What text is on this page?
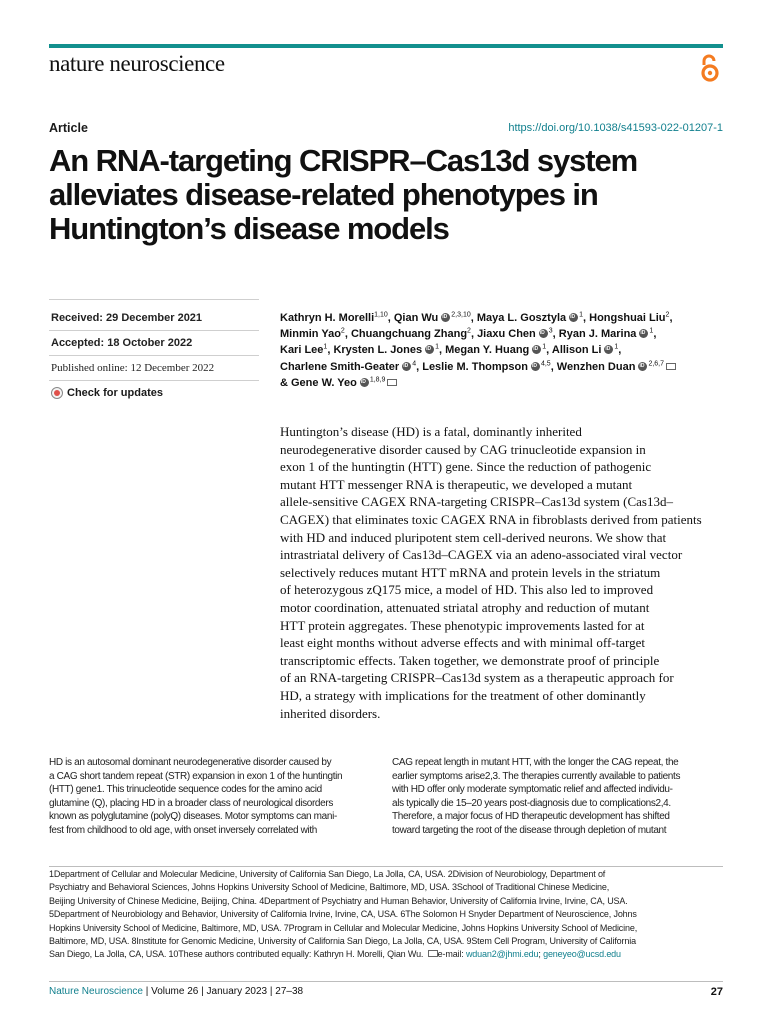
nature neuroscience
Article	https://doi.org/10.1038/s41593-022-01207-1
An RNA-targeting CRISPR–Cas13d system
alleviates disease-related phenotypes in
Huntington’s disease models
Received: 29 December 2021
Accepted: 18 October 2022
Published online: 12 December 2022
Check for updates
Kathryn H. Morelli$^{1,10}$, Qian Wu iD $^{2,3,10}$, Maya L. Gosztyla iD $^1$, Hongshuai Liu$^2$,
Minmin Yao$^2$, Chuangchuang Zhang$^2$, Jiaxu Chen iD $^3$, Ryan J. Marina iD $^1$,
Kari Lee$^1$, Krysten L. Jones iD $^1$, Megan Y. Huang iD $^1$, Allison Li iD $^1$,
Charlene Smith-Geater iD $^4$, Leslie M. Thompson iD $^{4,5}$, Wenzhen Duan iD $^{2,6,7}$
& Gene W. Yeo iD $^{1,8,9}$
Huntington’s disease (HD) is a fatal, dominantly inherited
neurodegenerative disorder caused by CAG trinucleotide expansion in
exon 1 of the huntingtin (HTT) gene. Since the reduction of pathogenic
mutant HTT messenger RNA is therapeutic, we developed a mutant
allele-sensitive CAGEX RNA-targeting CRISPR–Cas13d system (Cas13d–
CAGEX) that eliminates toxic CAGEX RNA in fibroblasts derived from patients
with HD and induced pluripotent stem cell-derived neurons. We show that
intrastriatal delivery of Cas13d–CAGEX via an adeno-associated viral vector
selectively reduces mutant HTT mRNA and protein levels in the striatum
of heterozygous zQ175 mice, a model of HD. This also led to improved
motor coordination, attenuated striatal atrophy and reduction of mutant
HTT protein aggregates. These phenotypic improvements lasted for at
least eight months without adverse effects and with minimal off-target
transcriptomic effects. Taken together, we demonstrate proof of principle
of an RNA-targeting CRISPR–Cas13d system as a therapeutic approach for
HD, a strategy with implications for the treatment of other dominantly
inherited disorders.
HD is an autosomal dominant neurodegenerative disorder caused by
a CAG short tandem repeat (STR) expansion in exon 1 of the huntingtin
(HTT) gene1. This trinucleotide sequence codes for the amino acid
glutamine (Q), placing HD in a broader class of neurological disorders
known as polyglutamine (polyQ) diseases. Motor symptoms can mani-
fest from childhood to old age, with onset inversely correlated with
CAG repeat length in mutant HTT, with the longer the CAG repeat, the
earlier symptoms arise2,3. The therapies currently available to patients
with HD offer only moderate symptomatic relief and affected individu-
als typically die 15–20 years post-diagnosis due to complications2,4.
Therefore, a major focus of HD therapeutic development has shifted
toward targeting the root of the disease through depletion of mutant
1Department of Cellular and Molecular Medicine, University of California San Diego, La Jolla, CA, USA. 2Division of Neurobiology, Department of
Psychiatry and Behavioral Sciences, Johns Hopkins University School of Medicine, Baltimore, MD, USA. 3School of Traditional Chinese Medicine,
Beijing University of Chinese Medicine, Beijing, China. 4Department of Psychiatry and Human Behavior, University of California Irvine, Irvine, CA, USA.
5Department of Neurobiology and Behavior, University of California Irvine, Irvine, CA, USA. 6The Solomon H Snyder Department of Neuroscience, Johns
Hopkins University School of Medicine, Baltimore, MD, USA. 7Program in Cellular and Molecular Medicine, Johns Hopkins University School of Medicine,
Baltimore, MD, USA. 8Institute for Genomic Medicine, University of California San Diego, La Jolla, CA, USA. 9Stem Cell Program, University of California
San Diego, La Jolla, CA, USA. 10These authors contributed equally: Kathryn H. Morelli, Qian Wu. e-mail: wduan2@jhmi.edu; geneyeo@ucsd.edu
Nature Neuroscience | Volume 26 | January 2023 | 27–38	27
